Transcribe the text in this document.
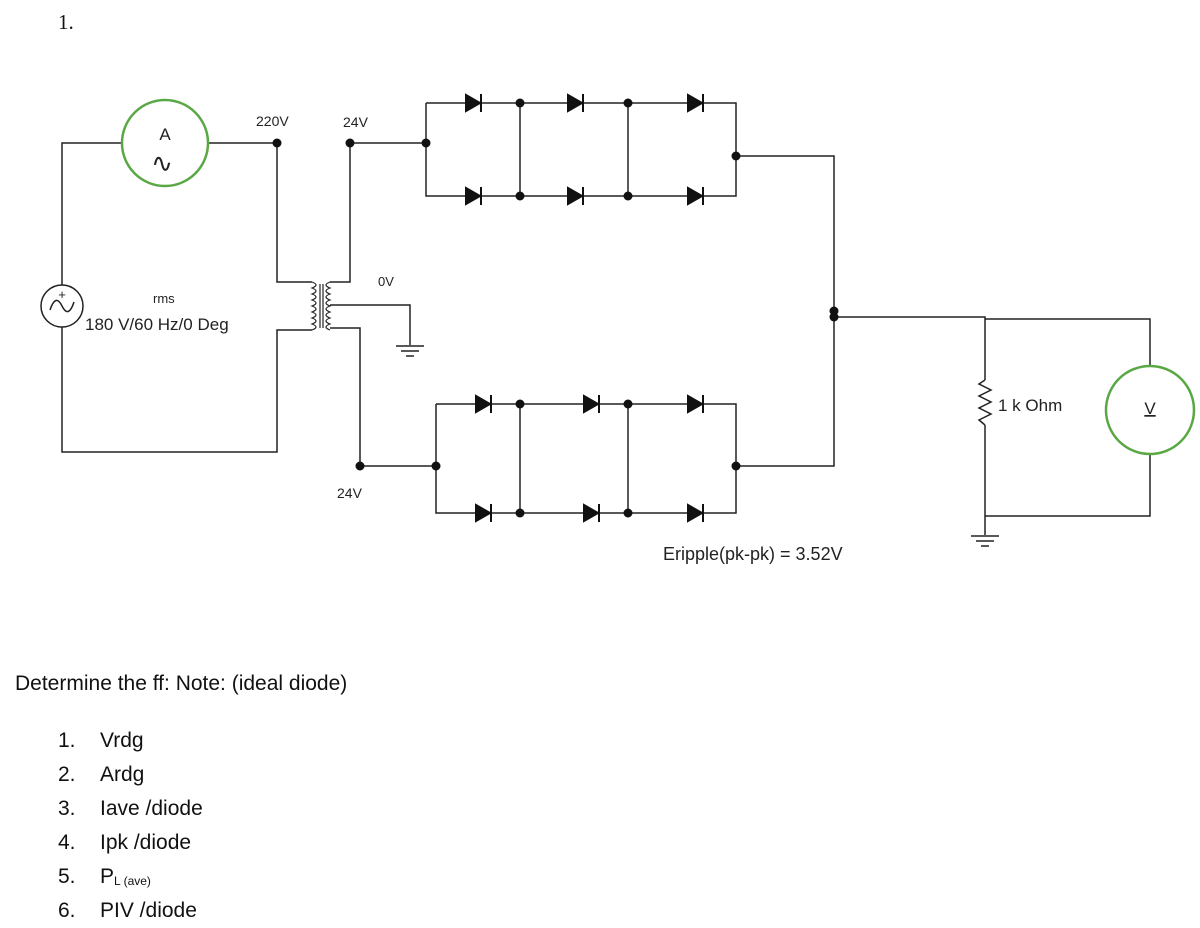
1.
A
∿
V
+	rms
180 V/60 Hz/0 Deg
220V	24V
0V
24V
1 k Ohm
Eripple(pk-pk) = 3.52V
Determine the ff: Note: (ideal diode)
1.	Vrdg
2.	Ardg
3.	Iave /diode
4.	Ipk /diode
5.	PL (ave)
6.	PIV /diode
